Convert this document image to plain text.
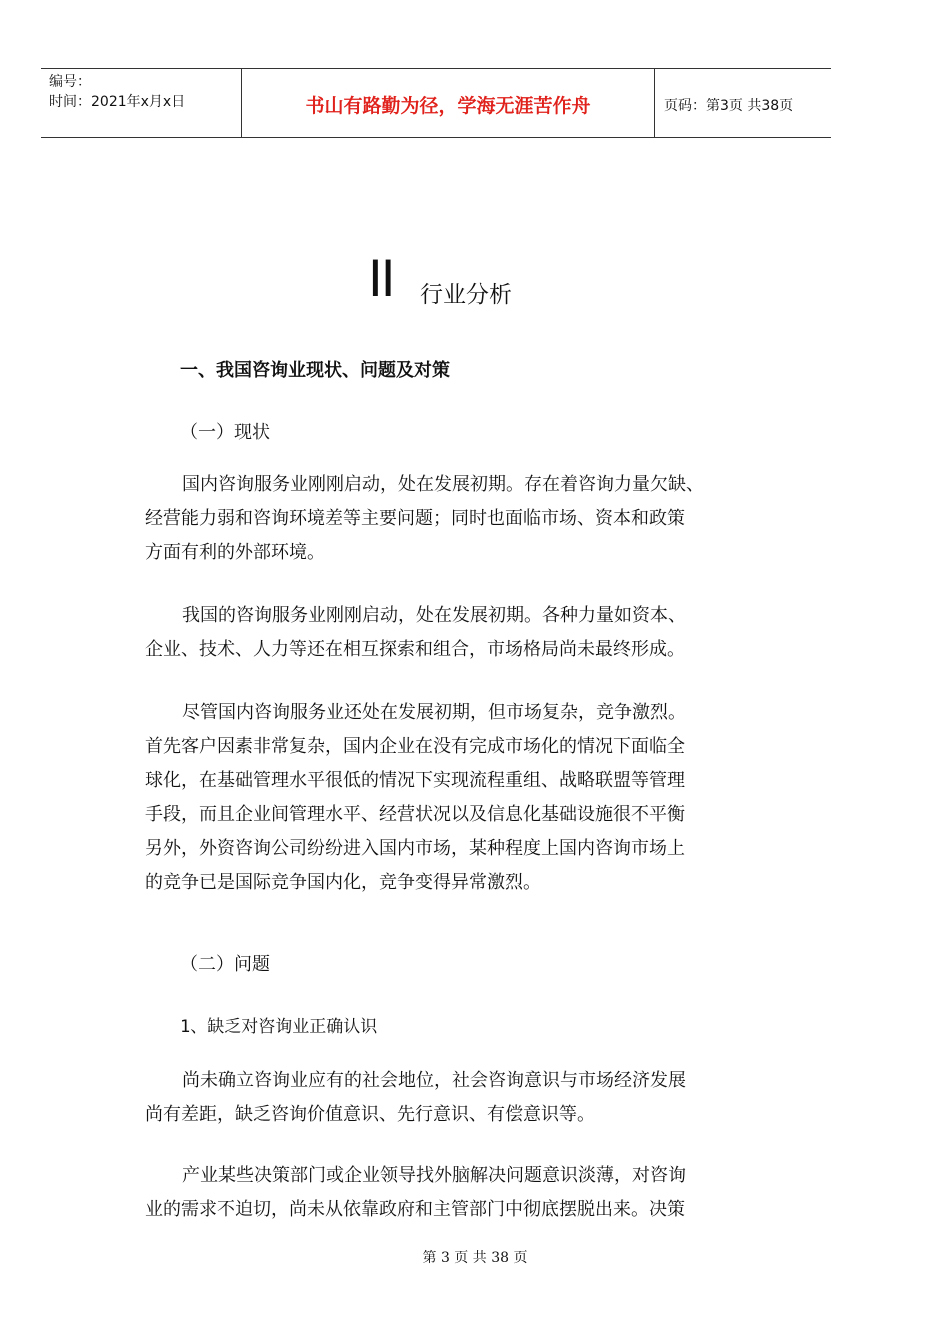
编号：
时间：2021年x月x日	书山有路勤为径，学海无涯苦作舟	页码：第3页 共38页
II 行业分析
一、我国咨询业现状、问题及对策
（一）现状
国内咨询服务业刚刚启动，处在发展初期。存在着咨询力量欠缺、
经营能力弱和咨询环境差等主要问题；同时也面临市场、资本和政策
方面有利的外部环境。
我国的咨询服务业刚刚启动，处在发展初期。各种力量如资本、
企业、技术、人力等还在相互探索和组合，市场格局尚未最终形成。
尽管国内咨询服务业还处在发展初期，但市场复杂，竞争激烈。
首先客户因素非常复杂，国内企业在没有完成市场化的情况下面临全
球化，在基础管理水平很低的情况下实现流程重组、战略联盟等管理
手段，而且企业间管理水平、经营状况以及信息化基础设施很不平衡
另外，外资咨询公司纷纷进入国内市场，某种程度上国内咨询市场上
的竞争已是国际竞争国内化，竞争变得异常激烈。
（二）问题
1、缺乏对咨询业正确认识
尚未确立咨询业应有的社会地位，社会咨询意识与市场经济发展
尚有差距，缺乏咨询价值意识、先行意识、有偿意识等。
产业某些决策部门或企业领导找外脑解决问题意识淡薄，对咨询
业的需求不迫切，尚未从依靠政府和主管部门中彻底摆脱出来。决策
第 3 页 共 38 页
